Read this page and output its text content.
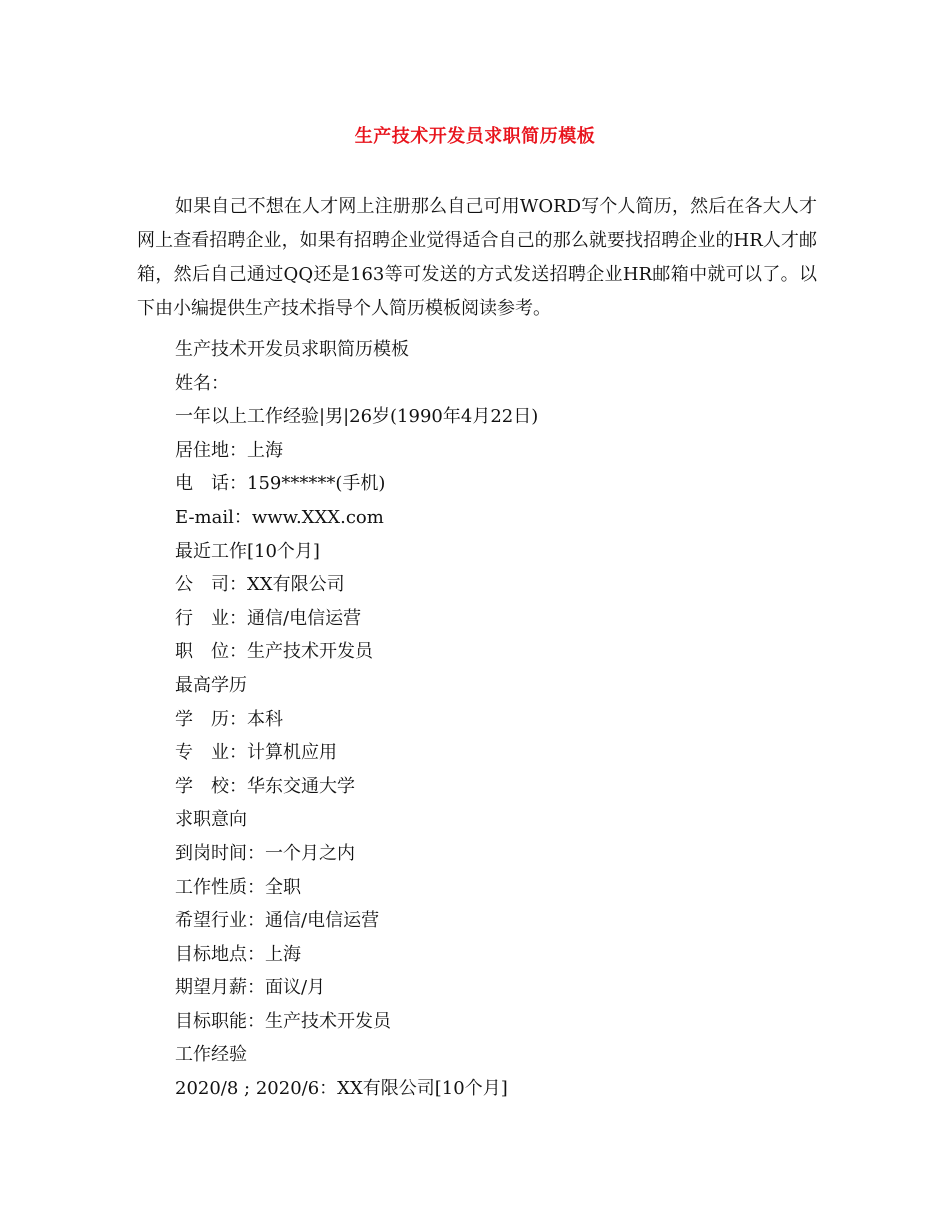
生产技术开发员求职简历模板
如果自己不想在人才网上注册那么自己可用WORD写个人简历，然后在各大人才网上查看招聘企业，如果有招聘企业觉得适合自己的那么就要找招聘企业的HR人才邮箱，然后自己通过QQ还是163等可发送的方式发送招聘企业HR邮箱中就可以了。以下由小编提供生产技术指导个人简历模板阅读参考。
生产技术开发员求职简历模板
姓名：
一年以上工作经验|男|26岁(1990年4月22日)
居住地：上海
电　话：159******(手机)
E-mail：www.XXX.com
最近工作[10个月]
公　司：XX有限公司
行　业：通信/电信运营
职　位：生产技术开发员
最高学历
学　历：本科
专　业：计算机应用
学　校：华东交通大学
求职意向
到岗时间：一个月之内
工作性质：全职
希望行业：通信/电信运营
目标地点：上海
期望月薪：面议/月
目标职能：生产技术开发员
工作经验
2020/8 ; 2020/6：XX有限公司[10个月]
